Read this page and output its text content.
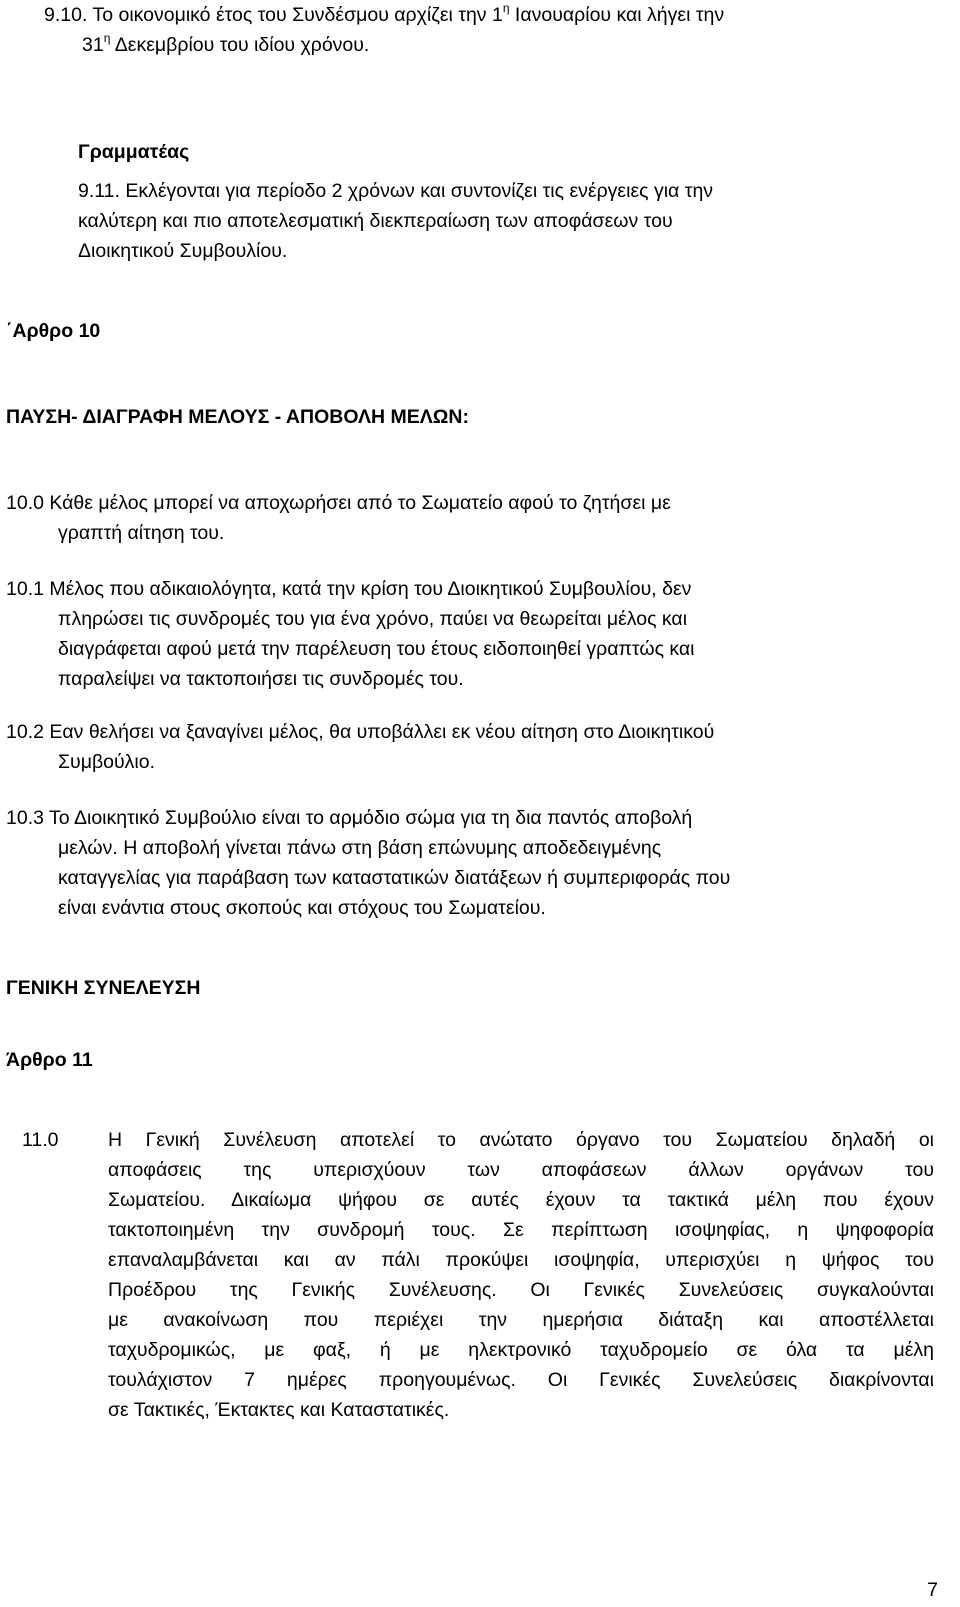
9.10. Το οικονομικό έτος του Συνδέσμου αρχίζει την $1^\eta$ Ιανουαρίου και λήγει την
$31^\eta$ Δεκεμβρίου του ιδίου χρόνου.
Γραμματέας
9.11. Εκλέγονται για περίοδο 2 χρόνων και συντονίζει τις ενέργειες για την
καλύτερη και πιο αποτελεσματική διεκπεραίωση των αποφάσεων του
Διοικητικού Συμβουλίου.
΄Αρθρο 10
ΠΑΥΣΗ- ΔΙΑΓΡΑΦΗ ΜΕΛΟΥΣ - ΑΠΟΒΟΛΗ ΜΕΛΩΝ:
10.0 Κάθε μέλος μπορεί να αποχωρήσει από το Σωματείο αφού το ζητήσει με
γραπτή αίτηση του.
10.1 Μέλος που αδικαιολόγητα, κατά την κρίση του Διοικητικού Συμβουλίου, δεν
πληρώσει τις συνδρομές του για ένα χρόνο, παύει να θεωρείται μέλος και
διαγράφεται αφού μετά την παρέλευση του έτους ειδοποιηθεί γραπτώς και
παραλείψει να τακτοποιήσει τις συνδρομές του.
10.2 Εαν θελήσει να ξαναγίνει μέλος, θα υποβάλλει εκ νέου αίτηση στο Διοικητικού
Συμβούλιο.
10.3 Το Διοικητικό Συμβούλιο είναι το αρμόδιο σώμα για τη δια παντός αποβολή
μελών. Η αποβολή γίνεται πάνω στη βάση επώνυμης αποδεδειγμένης
καταγγελίας για παράβαση των καταστατικών διατάξεων ή συμπεριφοράς που
είναι ενάντια στους σκοπούς και στόχους του Σωματείου.
ΓΕΝΙΚΗ ΣΥΝΕΛΕΥΣΗ
Άρθρο 11
11.0	Η Γενική Συνέλευση αποτελεί το ανώτατο όργανο του Σωματείου δηλαδή οι
αποφάσεις της υπερισχύουν των αποφάσεων άλλων οργάνων του
Σωματείου. Δικαίωμα ψήφου σε αυτές έχουν τα τακτικά μέλη που έχουν
τακτοποιημένη την συνδρομή τους. Σε περίπτωση ισοψηφίας, η ψηφοφορία
επαναλαμβάνεται και αν πάλι προκύψει ισοψηφία, υπερισχύει η ψήφος του
Προέδρου της Γενικής Συνέλευσης. Οι Γενικές Συνελεύσεις συγκαλούνται
με ανακοίνωση που περιέχει την ημερήσια διάταξη και αποστέλλεται
ταχυδρομικώς, με φαξ, ή με ηλεκτρονικό ταχυδρομείο σε όλα τα μέλη
τουλάχιστον 7 ημέρες προηγουμένως. Οι Γενικές Συνελεύσεις διακρίνονται
σε Τακτικές, Έκτακτες και Καταστατικές.
7
